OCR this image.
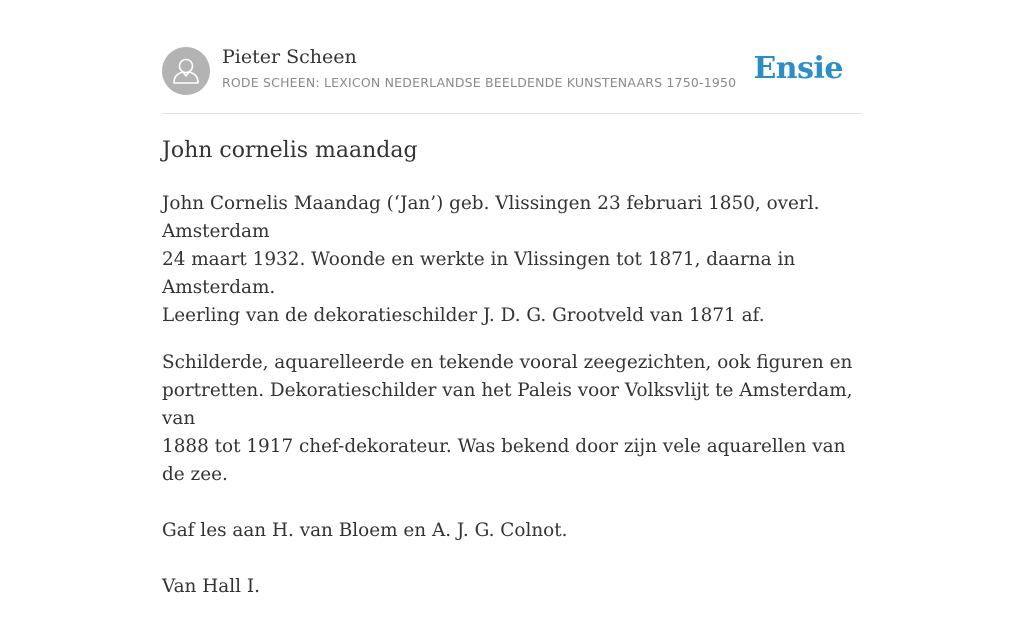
Pieter Scheen
RODE SCHEEN: LEXICON NEDERLANDSE BEELDENDE KUNSTENAARS 1750-1950 Ensie
John cornelis maandag

John Cornelis Maandag (‘Jan’) geb. Vlissingen 23 februari 1850, overl. Amsterdam
24 maart 1932. Woonde en werkte in Vlissingen tot 1871, daarna in Amsterdam.
Leerling van de dekoratieschilder J. D. G. Grootveld van 1871 af.

Schilderde, aquarelleerde en tekende vooral zeegezichten, ook figuren en
portretten. Dekoratieschilder van het Paleis voor Volksvlijt te Amsterdam, van
1888 tot 1917 chef-dekorateur. Was bekend door zijn vele aquarellen van de zee.

Gaf les aan H. van Bloem en A. J. G. Colnot.

Van Hall I.
